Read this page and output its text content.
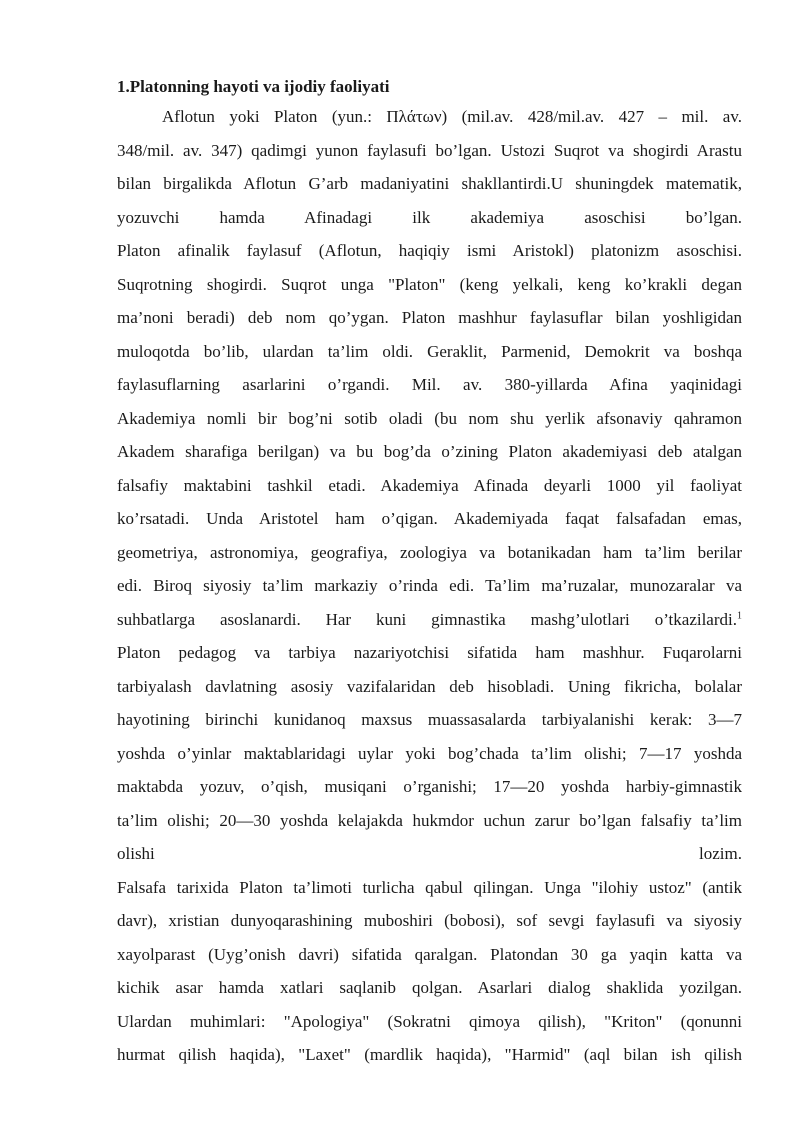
1.Platonning hayoti va ijodiy faoliyati
Aflotun yoki Platon (yun.: Πλάτων) (mil.av. 428/mil.av. 427 – mil. av.
348/mil. av. 347) qadimgi yunon faylasufi bo’lgan. Ustozi Suqrot va shogirdi Arastu
bilan birgalikda Aflotun G’arb madaniyatini shakllantirdi.U shuningdek matematik,
yozuvchi hamda Afinadagi ilk akademiya asoschisi bo’lgan.
Platon afinalik faylasuf (Aflotun, haqiqiy ismi Aristokl) platonizm asoschisi.
Suqrotning shogirdi. Suqrot unga "Platon" (keng yelkali, keng ko’krakli degan
ma’noni beradi) deb nom qo’ygan. Platon mashhur faylasuflar bilan yoshligidan
muloqotda bo’lib, ulardan ta’lim oldi. Geraklit, Parmenid, Demokrit va boshqa
faylasuflarning asarlarini o’rgandi. Mil. av. 380-yillarda Afina yaqinidagi
Akademiya nomli bir bog’ni sotib oladi (bu nom shu yerlik afsonaviy qahramon
Akadem sharafiga berilgan) va bu bog’da o’zining Platon akademiyasi deb atalgan
falsafiy maktabini tashkil etadi. Akademiya Afinada deyarli 1000 yil faoliyat
ko’rsatadi. Unda Aristotel ham o’qigan. Akademiyada faqat falsafadan emas,
geometriya, astronomiya, geografiya, zoologiya va botanikadan ham ta’lim berilar
edi. Biroq siyosiy ta’lim markaziy o’rinda edi. Ta’lim ma’ruzalar, munozaralar va
suhbatlarga asoslanardi. Har kuni gimnastika mashg’ulotlari o’tkazilardi.$^1$
Platon pedagog va tarbiya nazariyotchisi sifatida ham mashhur. Fuqarolarni
tarbiyalash davlatning asosiy vazifalaridan deb hisobladi. Uning fikricha, bolalar
hayotining birinchi kunidanoq maxsus muassasalarda tarbiyalanishi kerak: 3—7
yoshda o’yinlar maktablaridagi uylar yoki bog’chada ta’lim olishi; 7—17 yoshda
maktabda yozuv, o’qish, musiqani o’rganishi; 17—20 yoshda harbiy-gimnastik
ta’lim olishi; 20—30 yoshda kelajakda hukmdor uchun zarur bo’lgan falsafiy ta’lim
olishi lozim.
Falsafa tarixida Platon ta’limoti turlicha qabul qilingan. Unga "ilohiy ustoz" (antik
davr), xristian dunyoqarashining muboshiri (bobosi), sof sevgi faylasufi va siyosiy
xayolparast (Uyg’onish davri) sifatida qaralgan. Platondan 30 ga yaqin katta va
kichik asar hamda xatlari saqlanib qolgan. Asarlari dialog shaklida yozilgan.
Ulardan muhimlari: "Apologiya" (Sokratni qimoya qilish), "Kriton" (qonunni
hurmat qilish haqida), "Laxet" (mardlik haqida), "Harmid" (aql bilan ish qilish
